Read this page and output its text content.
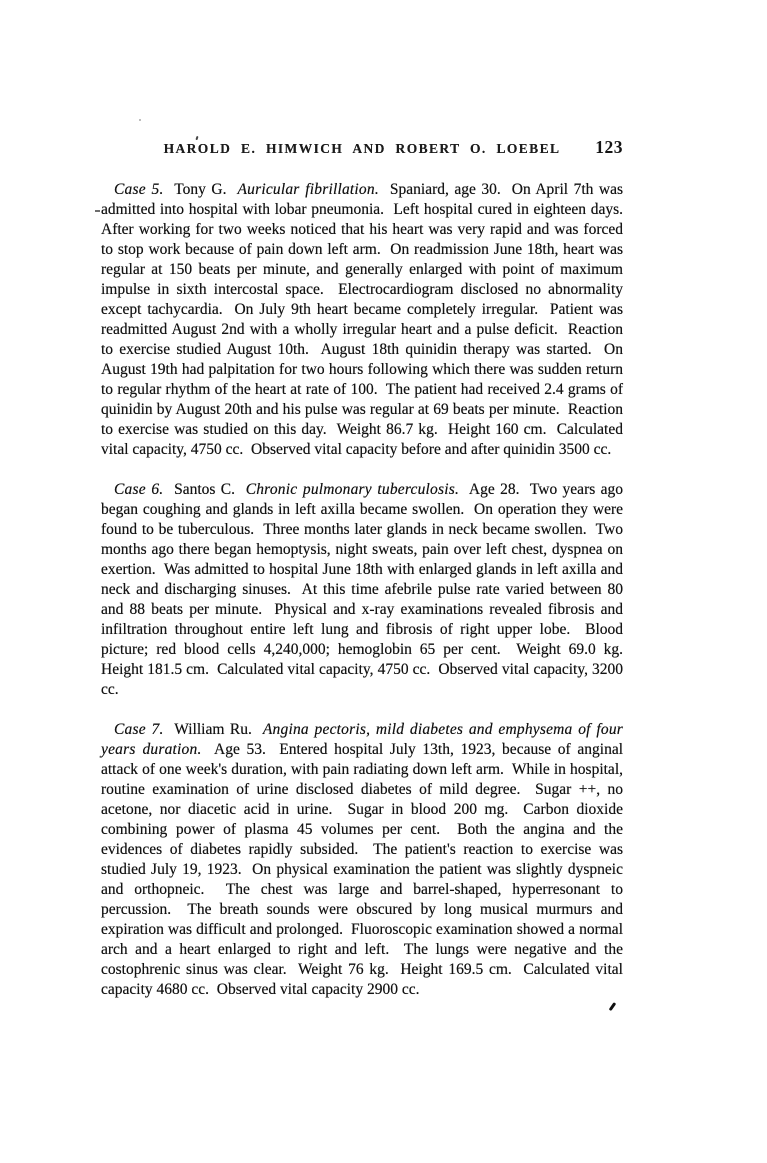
HAROLD E. HIMWICH AND ROBERT O. LOEBEL	123

Case 5.  Tony G.  Auricular fibrillation.  Spaniard, age 30.  On April 7th was admitted into hospital with lobar pneumonia.  Left hospital cured in eighteen days.  After working for two weeks noticed that his heart was very rapid and was forced to stop work because of pain down left arm.  On readmission June 18th, heart was regular at 150 beats per minute, and generally enlarged with point of maximum impulse in sixth intercostal space.  Electrocardiogram disclosed no abnormality except tachycardia.  On July 9th heart became completely irregular.  Patient was readmitted August 2nd with a wholly irregular heart and a pulse deficit.  Reaction to exercise studied August 10th.  August 18th quinidin therapy was started.  On August 19th had palpitation for two hours following which there was sudden return to regular rhythm of the heart at rate of 100.  The patient had received 2.4 grams of quinidin by August 20th and his pulse was regular at 69 beats per minute.  Reaction to exercise was studied on this day.  Weight 86.7 kg.  Height 160 cm.  Calculated vital capacity, 4750 cc.  Observed vital capacity before and after quinidin 3500 cc.

Case 6.  Santos C.  Chronic pulmonary tuberculosis.  Age 28.  Two years ago began coughing and glands in left axilla became swollen.  On operation they were found to be tuberculous.  Three months later glands in neck became swollen.  Two months ago there began hemoptysis, night sweats, pain over left chest, dyspnea on exertion.  Was admitted to hospital June 18th with enlarged glands in left axilla and neck and discharging sinuses.  At this time afebrile pulse rate varied between 80 and 88 beats per minute.  Physical and x-ray examinations revealed fibrosis and infiltration throughout entire left lung and fibrosis of right upper lobe.  Blood picture; red blood cells 4,240,000; hemoglobin 65 per cent.  Weight 69.0 kg.  Height 181.5 cm.  Calculated vital capacity, 4750 cc.  Observed vital capacity, 3200 cc.

Case 7.  William Ru.  Angina pectoris, mild diabetes and emphysema of four years duration.  Age 53.  Entered hospital July 13th, 1923, because of anginal attack of one week's duration, with pain radiating down left arm.  While in hospital, routine examination of urine disclosed diabetes of mild degree.  Sugar ++, no acetone, nor diacetic acid in urine.  Sugar in blood 200 mg.  Carbon dioxide combining power of plasma 45 volumes per cent.  Both the angina and the evidences of diabetes rapidly subsided.  The patient's reaction to exercise was studied July 19, 1923.  On physical examination the patient was slightly dyspneic and orthopneic.  The chest was large and barrel-shaped, hyperresonant to percussion.  The breath sounds were obscured by long musical murmurs and expiration was difficult and prolonged.  Fluoroscopic examination showed a normal arch and a heart enlarged to right and left.  The lungs were negative and the costophrenic sinus was clear.  Weight 76 kg.  Height 169.5 cm.  Calculated vital capacity 4680 cc.  Observed vital capacity 2900 cc.
